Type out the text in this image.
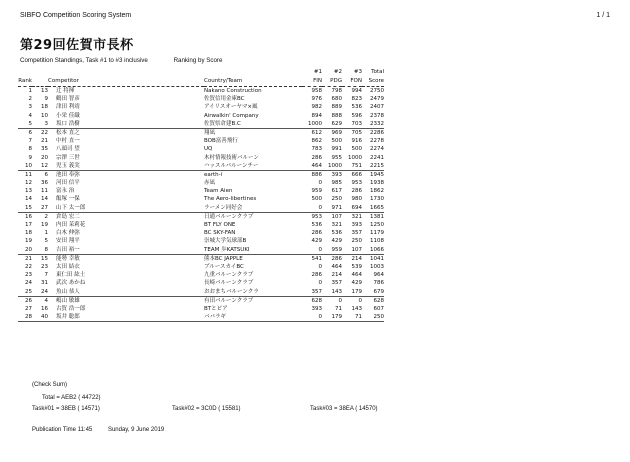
SIBFO Competition Scoring System	1 / 1
第29回佐賀市長杯
Competition Standings, Task #1 to #3 inclusive	Ranking by Score
				#1	#2	#3	Total
Rank		Competitor	Country/Team	FIN	PDG	FON	Score
1	13	辻 将揮	Nakano Construction	958	798	994	2750
2	9	鶴田 智彦	佐賀信用金庫BC	976	680	823	2479
3	18	津田 利靖	アイリスオーヤマ×風	982	889	536	2407
4	10	小栄 佳織	Airwalkin' Company	894	888	596	2378
5	3	坂口 浩樹	佐賀県倉建B.C	1000	629	703	2332
6	22	松本 直之	翔凪	612	969	705	2286
7	21	中村 直一	BOB富善飛行	862	500	916	2278
8	35	八頭司 望	UQ	783	991	500	2274
9	20	宗澤 三世	木村情報技術バルーン	286	955	1000	2241
10	12	児玉 義実	ハッスルバルーンチー	464	1000	751	2215
11	6	池田 奉弥	earth-i	886	393	666	1945
12	36	河田 信平	赤凪	0	985	953	1938
13	11	富永 治	Team Aien	959	617	286	1862
14	14	飯塚 一保	The Aero-libertines	500	250	980	1730
15	27	山下 太一郎	ラーメン同好会	0	971	694	1665
16	2	倉島 宏二	日通バルーンクラブ	953	107	321	1381
17	19	内田 茉莉花	BT FLY ONE	536	321	393	1250
18	1	白木 伸弥	BC SKY-FAN	286	536	357	1179
19	5	安田 翔平	崇城大学気球部B	429	429	250	1108
20	8	吉田 裕一	TEAM 歩KATSUKI	0	959	107	1066
21	15	能勢 幸敏	熊本BC JAPPLE	541	286	214	1041
22	23	太田 結衣	ブルースカイBC	0	464	539	1003
23	7	東仁田 紘士	九重バルーンクラブ	286	214	464	964
24	31	武次 あかね	長崎バルーンクラブ	0	357	429	786
25	24	魚山 恭人	おおまちバルーンクラ	357	143	179	679
26	4	嶋山 敏雄	有田バルーンクラブ	628	0	0	628
27	16	古賀 浩一郎	BTとピア	393	71	143	607
28	40	坂井 聡郎	ババラギ	0	179	71	250
(Check Sum)
Total = AEB2 ( 44722)
Task#01 = 38EB ( 14571)	Task#02 = 3C0D ( 15581)	Task#03 = 38EA ( 14570)
Publication Time 11:45	Sunday, 9 June 2019
